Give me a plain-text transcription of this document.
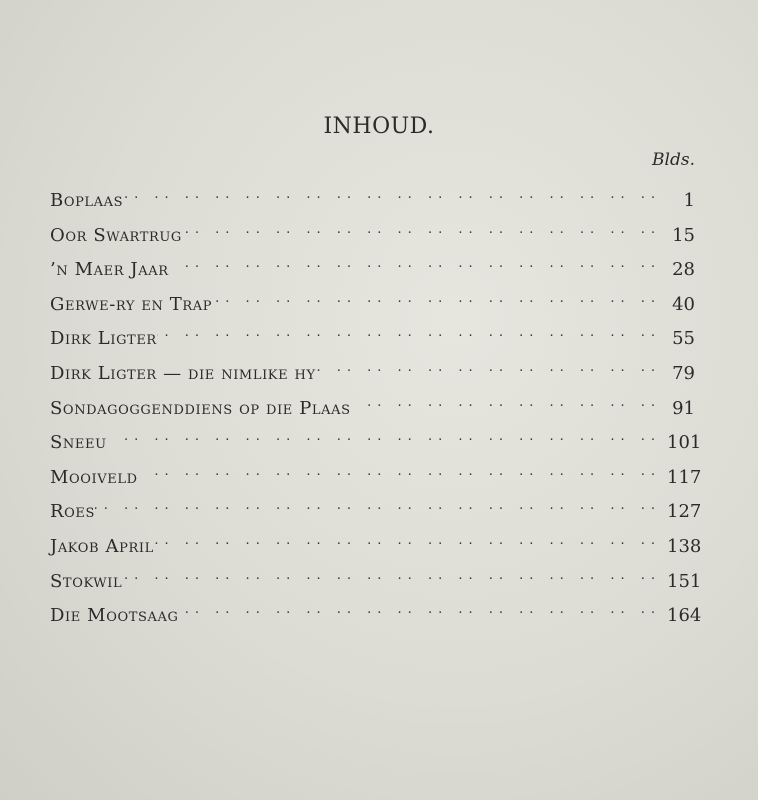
INHOUD.
Blds.
Boplaas .. ..	1
Oor Swartrug .. ..	15
’n Maer Jaar .. ..	28
Gerwe-ry en Trap .. ..	40
Dirk Ligter .. ..	55
Dirk Ligter — die nimlike hy .. ..	79
Sondagoggenddiens op die Plaas .. ..	91
Sneeu .. ..	101
Mooiveld .. ..	117
Roes .. ..	127
Jakob April .. ..	138
Stokwil .. ..	151
Die Mootsaag .. ..	164
